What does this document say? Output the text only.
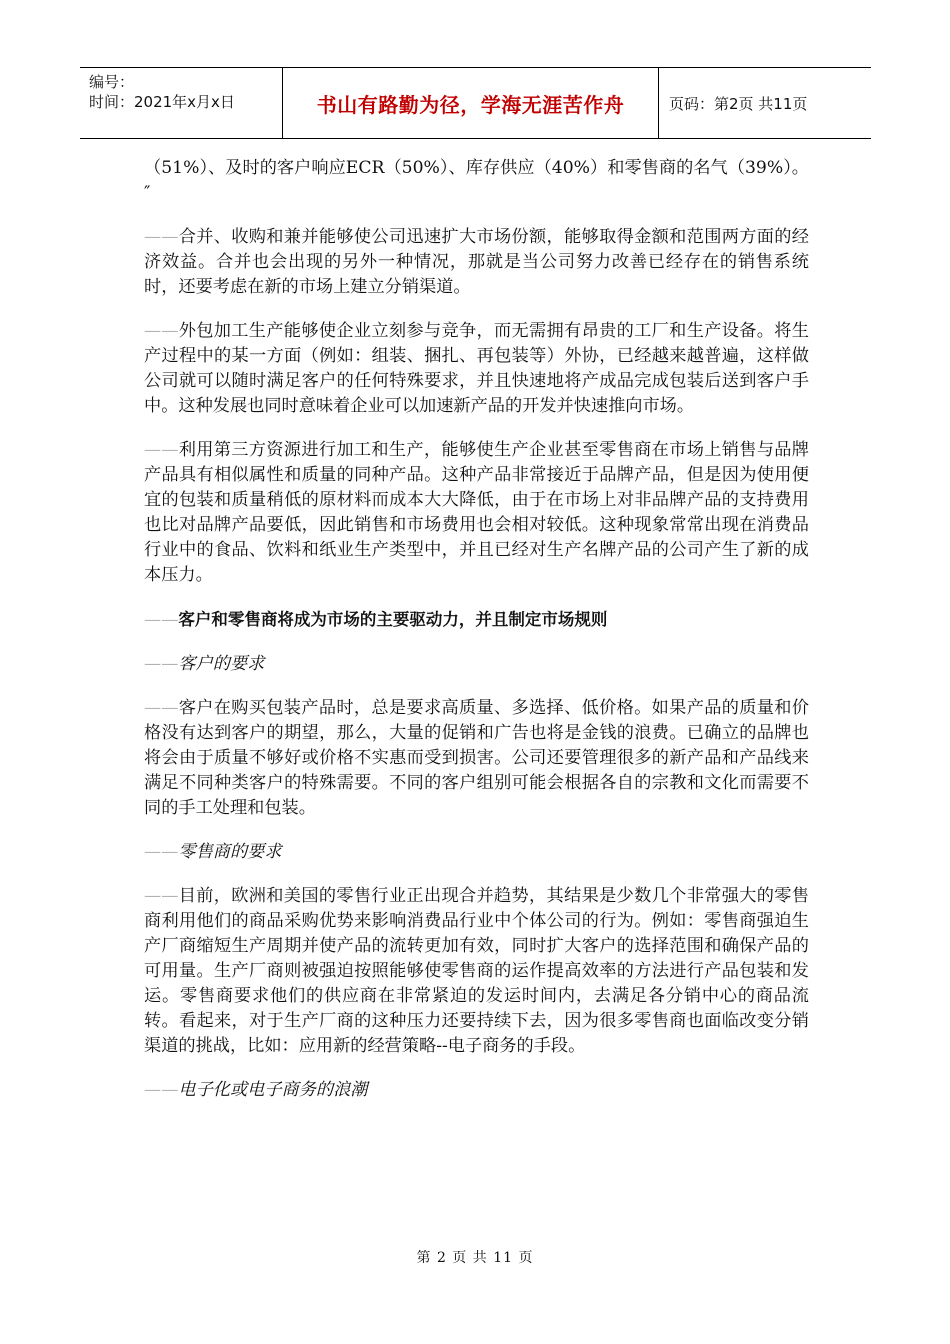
编号：
时间：2021年x月x日	书山有路勤为径，学海无涯苦作舟	页码：第2页 共11页

（51%）、及时的客户响应ECR（50%）、库存供应（40%）和零售商的名气（39%）。″

——合并、收购和兼并能够使公司迅速扩大市场份额，能够取得金额和范围两方面的经济效益。合并也会出现的另外一种情况，那就是当公司努力改善已经存在的销售系统时，还要考虑在新的市场上建立分销渠道。

——外包加工生产能够使企业立刻参与竞争，而无需拥有昂贵的工厂和生产设备。将生产过程中的某一方面（例如：组装、捆扎、再包装等）外协，已经越来越普遍，这样做公司就可以随时满足客户的任何特殊要求，并且快速地将产成品完成包装后送到客户手中。这种发展也同时意味着企业可以加速新产品的开发并快速推向市场。

——利用第三方资源进行加工和生产，能够使生产企业甚至零售商在市场上销售与品牌产品具有相似属性和质量的同种产品。这种产品非常接近于品牌产品，但是因为使用便宜的包装和质量稍低的原材料而成本大大降低，由于在市场上对非品牌产品的支持费用也比对品牌产品要低，因此销售和市场费用也会相对较低。这种现象常常出现在消费品行业中的食品、饮料和纸业生产类型中，并且已经对生产名牌产品的公司产生了新的成本压力。

——客户和零售商将成为市场的主要驱动力，并且制定市场规则

——客户的要求

——客户在购买包装产品时，总是要求高质量、多选择、低价格。如果产品的质量和价格没有达到客户的期望，那么，大量的促销和广告也将是金钱的浪费。已确立的品牌也将会由于质量不够好或价格不实惠而受到损害。公司还要管理很多的新产品和产品线来满足不同种类客户的特殊需要。不同的客户组别可能会根据各自的宗教和文化而需要不同的手工处理和包装。

——零售商的要求

——目前，欧洲和美国的零售行业正出现合并趋势，其结果是少数几个非常强大的零售商利用他们的商品采购优势来影响消费品行业中个体公司的行为。例如：零售商强迫生产厂商缩短生产周期并使产品的流转更加有效，同时扩大客户的选择范围和确保产品的可用量。生产厂商则被强迫按照能够使零售商的运作提高效率的方法进行产品包装和发运。零售商要求他们的供应商在非常紧迫的发运时间内，去满足各分销中心的商品流转。看起来，对于生产厂商的这种压力还要持续下去，因为很多零售商也面临改变分销渠道的挑战，比如：应用新的经营策略--电子商务的手段。

——电子化或电子商务的浪潮

第 2 页 共 11 页
